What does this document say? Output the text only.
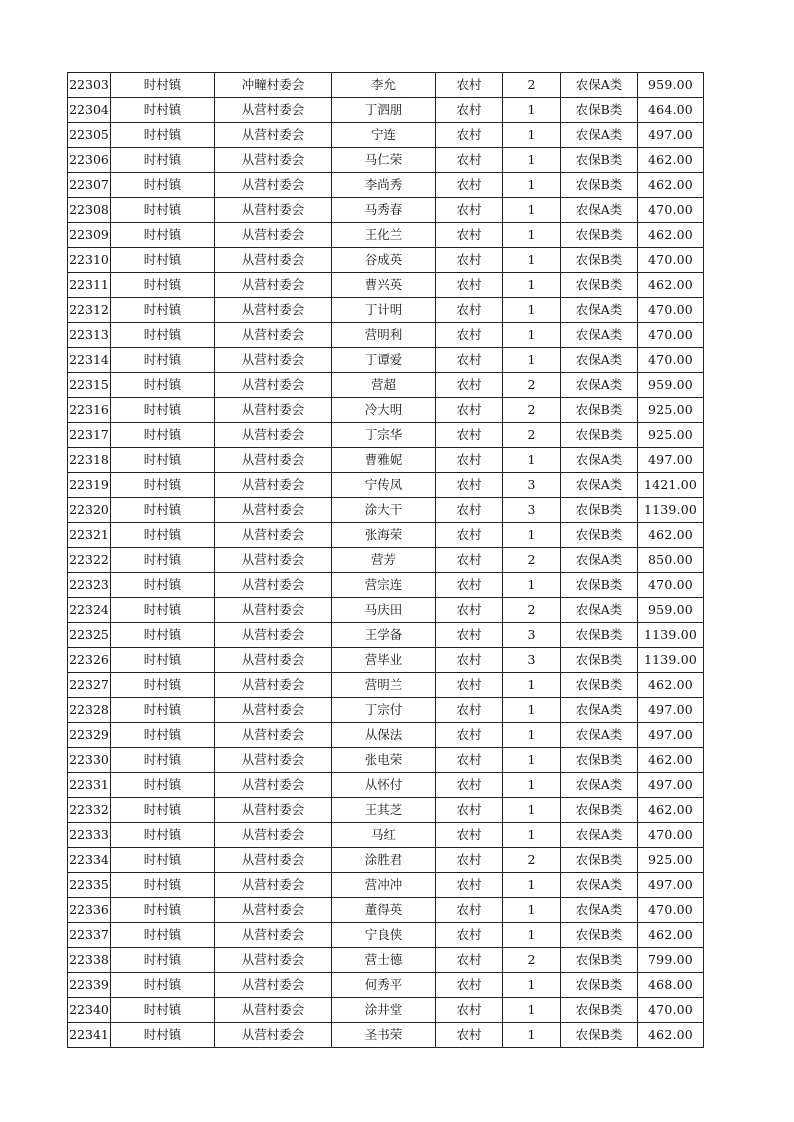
22303	时村镇	冲疃村委会	李允	农村	2	农保A类	959.00
22304	时村镇	从营村委会	丁泗朋	农村	1	农保B类	464.00
22305	时村镇	从营村委会	宁连	农村	1	农保A类	497.00
22306	时村镇	从营村委会	马仁荣	农村	1	农保B类	462.00
22307	时村镇	从营村委会	李尚秀	农村	1	农保B类	462.00
22308	时村镇	从营村委会	马秀春	农村	1	农保A类	470.00
22309	时村镇	从营村委会	王化兰	农村	1	农保B类	462.00
22310	时村镇	从营村委会	谷成英	农村	1	农保B类	470.00
22311	时村镇	从营村委会	曹兴英	农村	1	农保B类	462.00
22312	时村镇	从营村委会	丁计明	农村	1	农保A类	470.00
22313	时村镇	从营村委会	营明利	农村	1	农保A类	470.00
22314	时村镇	从营村委会	丁谭爱	农村	1	农保A类	470.00
22315	时村镇	从营村委会	营超	农村	2	农保A类	959.00
22316	时村镇	从营村委会	冷大明	农村	2	农保B类	925.00
22317	时村镇	从营村委会	丁宗华	农村	2	农保B类	925.00
22318	时村镇	从营村委会	曹雅妮	农村	1	农保A类	497.00
22319	时村镇	从营村委会	宁传凤	农村	3	农保A类	1421.00
22320	时村镇	从营村委会	涂大干	农村	3	农保B类	1139.00
22321	时村镇	从营村委会	张海荣	农村	1	农保B类	462.00
22322	时村镇	从营村委会	营芳	农村	2	农保A类	850.00
22323	时村镇	从营村委会	营宗连	农村	1	农保B类	470.00
22324	时村镇	从营村委会	马庆田	农村	2	农保A类	959.00
22325	时村镇	从营村委会	王学备	农村	3	农保B类	1139.00
22326	时村镇	从营村委会	营毕业	农村	3	农保B类	1139.00
22327	时村镇	从营村委会	营明兰	农村	1	农保B类	462.00
22328	时村镇	从营村委会	丁宗付	农村	1	农保A类	497.00
22329	时村镇	从营村委会	从保法	农村	1	农保A类	497.00
22330	时村镇	从营村委会	张电荣	农村	1	农保B类	462.00
22331	时村镇	从营村委会	从怀付	农村	1	农保A类	497.00
22332	时村镇	从营村委会	王其芝	农村	1	农保B类	462.00
22333	时村镇	从营村委会	马红	农村	1	农保A类	470.00
22334	时村镇	从营村委会	涂胜君	农村	2	农保B类	925.00
22335	时村镇	从营村委会	营冲冲	农村	1	农保A类	497.00
22336	时村镇	从营村委会	董得英	农村	1	农保A类	470.00
22337	时村镇	从营村委会	宁良侠	农村	1	农保B类	462.00
22338	时村镇	从营村委会	营士德	农村	2	农保B类	799.00
22339	时村镇	从营村委会	何秀平	农村	1	农保B类	468.00
22340	时村镇	从营村委会	涂井堂	农村	1	农保B类	470.00
22341	时村镇	从营村委会	圣书荣	农村	1	农保B类	462.00
